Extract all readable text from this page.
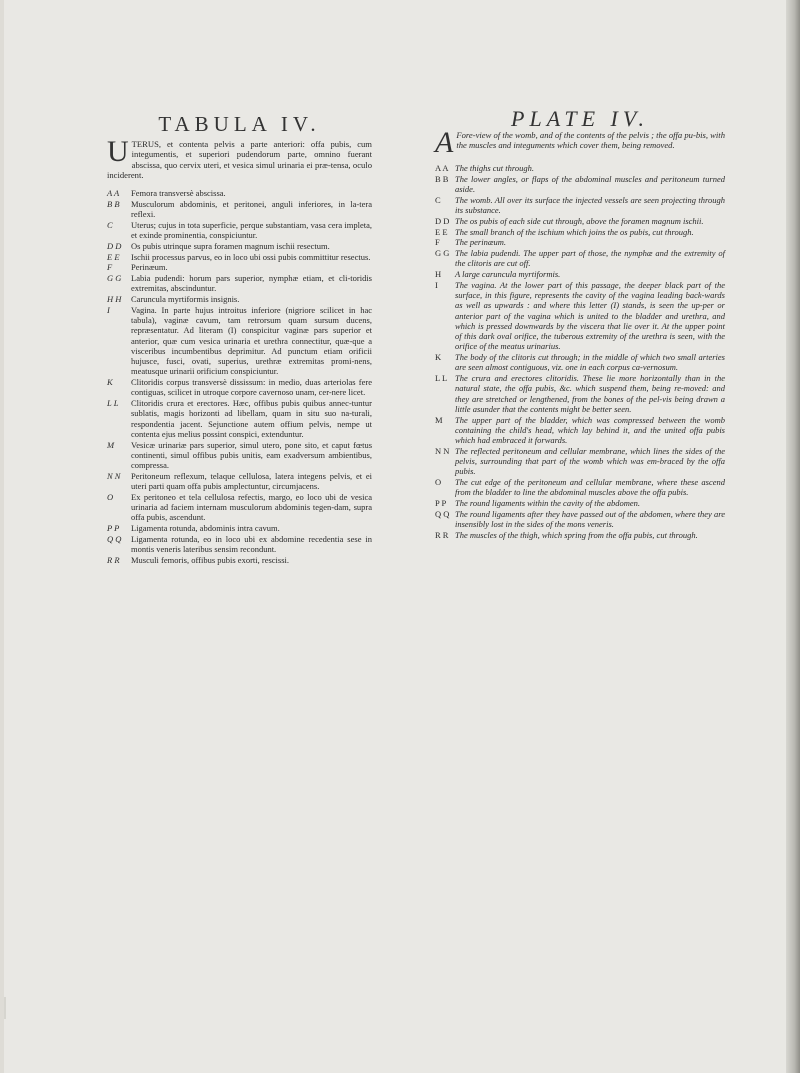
TABULA IV.

U TERUS, et contenta pelvis a parte anteriori: offa pubis, cum integumentis, et superiori pudendorum parte, omnino fuerant abscissa, quo cervix uteri, et vesica simul urinaria ei præ-tensa, oculo inciderent.

A A Femora transversè abscissa.
B B Musculorum abdominis, et peritonei, anguli inferiores, in la-tera reflexi.
C Uterus; cujus in tota superficie, perque substantiam, vasa cera impleta, et exinde prominentia, conspiciuntur.
D D Os pubis utrinque supra foramen magnum ischii resectum.
E E Ischii processus parvus, eo in loco ubi ossi pubis committitur resectus.
F Perinæum.
G G Labia pudendi: horum pars superior, nymphæ etiam, et cli-toridis extremitas, abscinduntur.
H H Caruncula myrtiformis insignis.
I Vagina. In parte hujus introitus inferiore (nigriore scilicet in hac tabula), vaginæ cavum, tam retrorsum quam sursum ducens, repræsentatur. Ad literam (I) conspicitur vaginæ pars superior et anterior, quæ cum vesica urinaria et urethra connectitur, quæ-que a visceribus incumbentibus deprimitur. Ad punctum etiam orificii hujusce, fusci, ovati, superius, urethræ extremitas promi-nens, meatusque urinarii orificium conspiciuntur.
K Clitoridis corpus transversè dississum: in medio, duas arteriolas fere contiguas, scilicet in utroque corpore cavernoso unam, cer-nere licet.
L L Clitoridis crura et erectores. Hæc, offibus pubis quibus annec-tuntur sublatis, magis horizonti ad libellam, quam in situ suo na-turali, respondentia jacent. Sejunctione autem offium pelvis, nempe ut contenta ejus melius possint conspici, extenduntur.
M Vesicæ urinariæ pars superior, simul utero, pone sito, et caput fœtus continenti, simul offibus pubis unitis, eam exadversum ambientibus, compressa.
N N Peritoneum reflexum, telaque cellulosa, latera integens pelvis, et ei uteri parti quam offa pubis amplectuntur, circumjacens.
O Ex peritoneo et tela cellulosa refectis, margo, eo loco ubi de vesica urinaria ad faciem internam musculorum abdominis tegen-dam, supra offa pubis, ascendunt.
P P Ligamenta rotunda, abdominis intra cavum.
Q Q Ligamenta rotunda, eo in loco ubi ex abdomine recedentia sese in montis veneris lateribus sensim recondunt.
R R Musculi femoris, offibus pubis exorti, rescissi.
PLATE IV.

A Fore-view of the womb, and of the contents of the pelvis ; the offa pu-bis, with the muscles and integuments which cover them, being removed.

A A The thighs cut through.
B B The lower angles, or flaps of the abdominal muscles and peritoneum turned aside.
C The womb. All over its surface the injected vessels are seen projecting through its substance.
D D The os pubis of each side cut through, above the foramen magnum ischii.
E E The small branch of the ischium which joins the os pubis, cut through.
F The perinæum.
G G The labia pudendi. The upper part of those, the nymphæ and the extremity of the clitoris are cut off.
H A large caruncula myrtiformis.
I The vagina. At the lower part of this passage, the deeper black part of the surface, in this figure, represents the cavity of the vagina leading back-wards as well as upwards : and where this letter (I) stands, is seen the up-per or anterior part of the vagina which is united to the bladder and urethra, and which is pressed downwards by the viscera that lie over it. At the upper point of this dark oval orifice, the tuberous extremity of the urethra is seen, with the orifice of the meatus urinarius.
K The body of the clitoris cut through; in the middle of which two small arteries are seen almost contiguous, viz. one in each corpus ca-vernosum.
L L The crura and erectores clitoridis. These lie more horizontally than in the natural state, the offa pubis, &c. which suspend them, being re-moved: and they are stretched or lengthened, from the bones of the pel-vis being drawn a little asunder that the contents might be better seen.
M The upper part of the bladder, which was compressed between the womb containing the child's head, which lay behind it, and the united offa pubis which had embraced it forwards.
N N The reflected peritoneum and cellular membrane, which lines the sides of the pelvis, surrounding that part of the womb which was em-braced by the offa pubis.
O The cut edge of the peritoneum and cellular membrane, where these ascend from the bladder to line the abdominal muscles above the offa pubis.
P P The round ligaments within the cavity of the abdomen.
Q Q The round ligaments after they have passed out of the abdomen, where they are insensibly lost in the sides of the mons veneris.
R R The muscles of the thigh, which spring from the offa pubis, cut through.
